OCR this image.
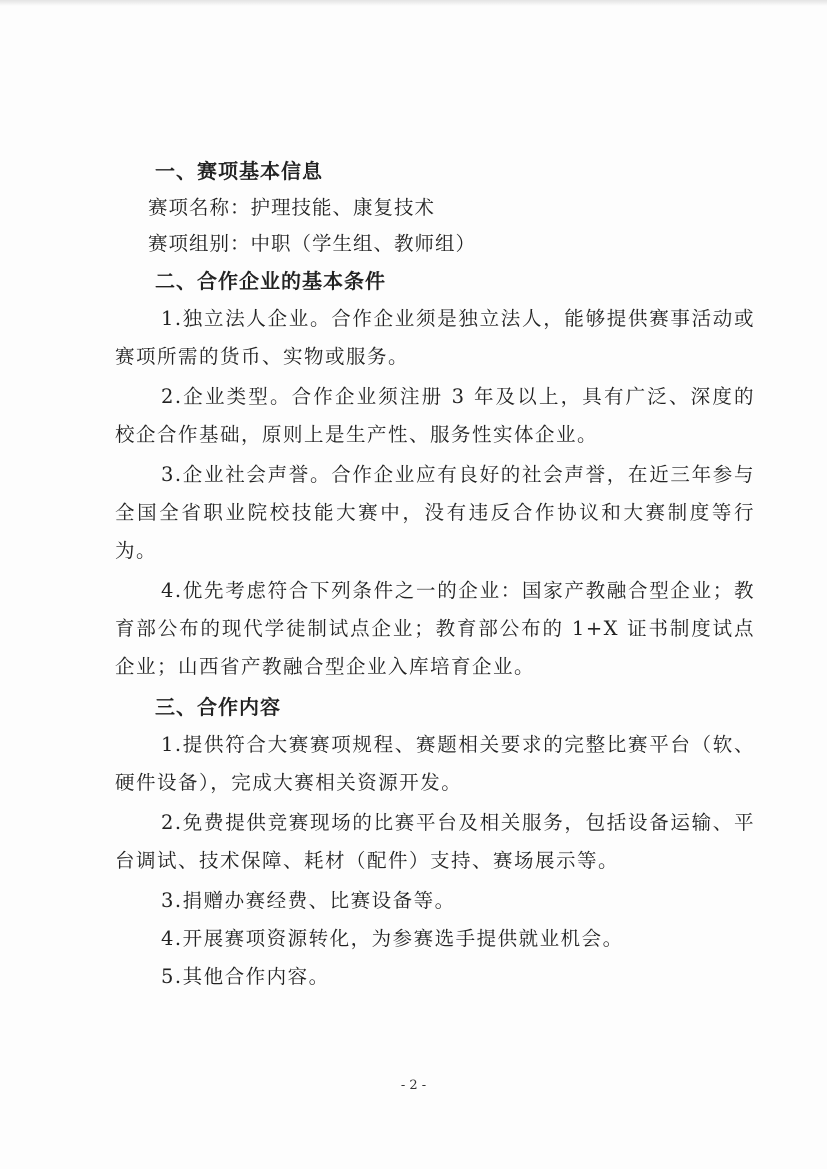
一、赛项基本信息
赛项名称：护理技能、康复技术
赛项组别：中职（学生组、教师组）
二、合作企业的基本条件

1.独立法人企业。合作企业须是独立法人，能够提供赛事活动或赛项所需的货币、实物或服务。

2.企业类型。合作企业须注册 3 年及以上，具有广泛、深度的校企合作基础，原则上是生产性、服务性实体企业。

3.企业社会声誉。合作企业应有良好的社会声誉，在近三年参与全国全省职业院校技能大赛中，没有违反合作协议和大赛制度等行为。

4.优先考虑符合下列条件之一的企业：国家产教融合型企业；教育部公布的现代学徒制试点企业；教育部公布的 1+X 证书制度试点企业；山西省产教融合型企业入库培育企业。

三、合作内容

1.提供符合大赛赛项规程、赛题相关要求的完整比赛平台（软、硬件设备），完成大赛相关资源开发。

2.免费提供竞赛现场的比赛平台及相关服务，包括设备运输、平台调试、技术保障、耗材（配件）支持、赛场展示等。

3.捐赠办赛经费、比赛设备等。

4.开展赛项资源转化，为参赛选手提供就业机会。

5.其他合作内容。

- 2 -
